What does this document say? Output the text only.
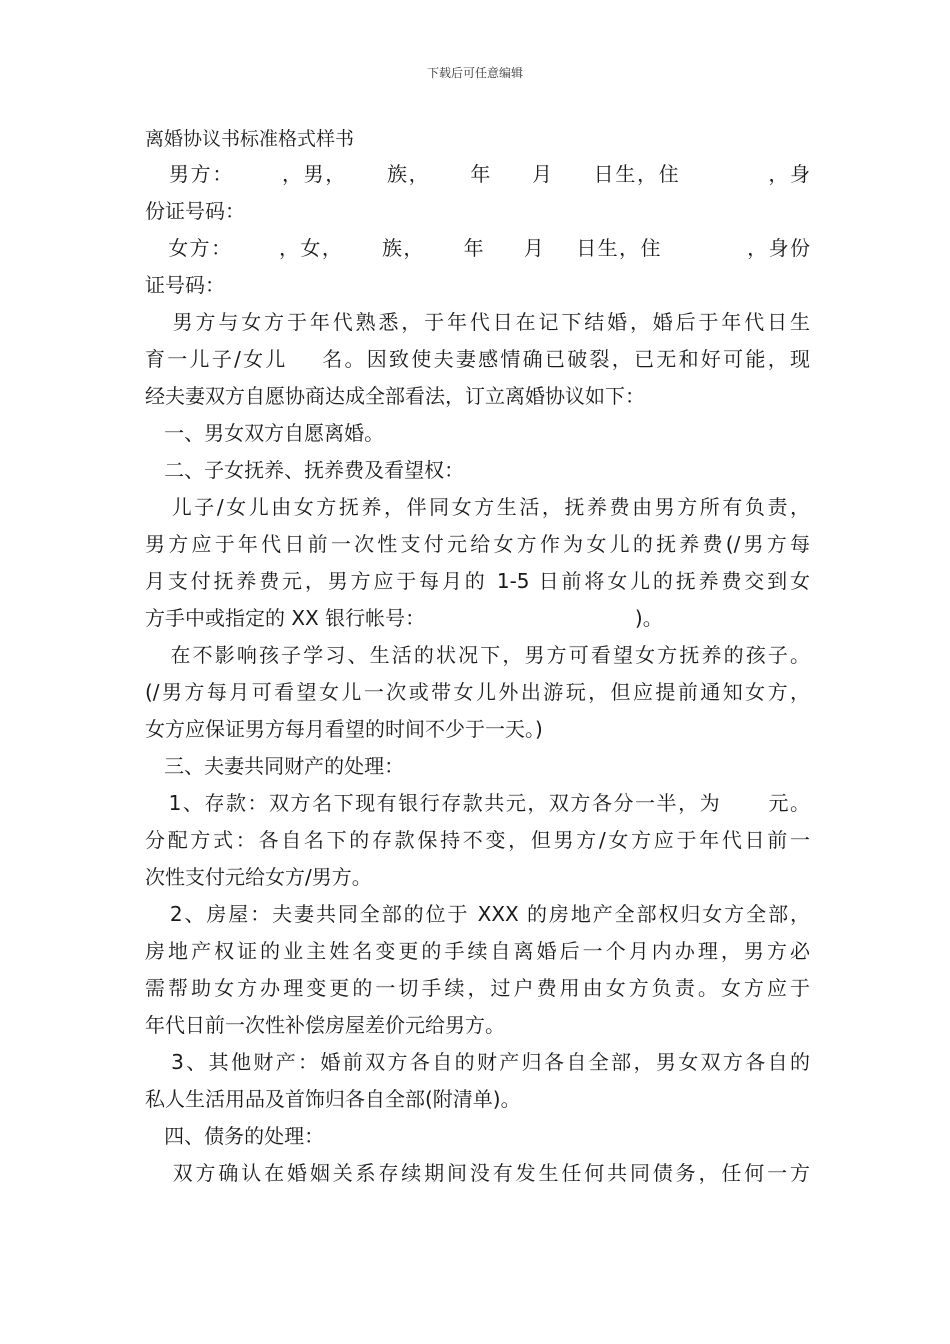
下载后可任意编辑
离婚协议书标准格式样书
男方：      ，男，     族，     年     月     日生，住           ，身
份证号码：
女方：      ，女，     族，     年     月    日生，住           ，身份
证号码：
男方与女方于年代熟悉，于年代日在记下结婚，婚后于年代日生
育一儿子/女儿    名。因致使夫妻感情确已破裂，已无和好可能，现
经夫妻双方自愿协商达成全部看法，订立离婚协议如下：
一、男女双方自愿离婚。
二、子女抚养、抚养费及看望权：
儿子/女儿由女方抚养，伴同女方生活，抚养费由男方所有负责，
男方应于年代日前一次性支付元给女方作为女儿的抚养费(/男方每
月支付抚养费元，男方应于每月的 1-5 日前将女儿的抚养费交到女
方手中或指定的 XX 银行帐号：                                 )。
在不影响孩子学习、生活的状况下，男方可看望女方抚养的孩子。
(/男方每月可看望女儿一次或带女儿外出游玩，但应提前通知女方，
女方应保证男方每月看望的时间不少于一天。)
三、夫妻共同财产的处理：
1、存款：双方名下现有银行存款共元，双方各分一半，为      元。
分配方式：各自名下的存款保持不变，但男方/女方应于年代日前一
次性支付元给女方/男方。
2、房屋：夫妻共同全部的位于 XXX 的房地产全部权归女方全部，
房地产权证的业主姓名变更的手续自离婚后一个月内办理，男方必
需帮助女方办理变更的一切手续，过户费用由女方负责。女方应于
年代日前一次性补偿房屋差价元给男方。
3、其他财产：婚前双方各自的财产归各自全部，男女双方各自的
私人生活用品及首饰归各自全部(附清单)。
四、债务的处理：
双方确认在婚姻关系存续期间没有发生任何共同债务，任何一方
